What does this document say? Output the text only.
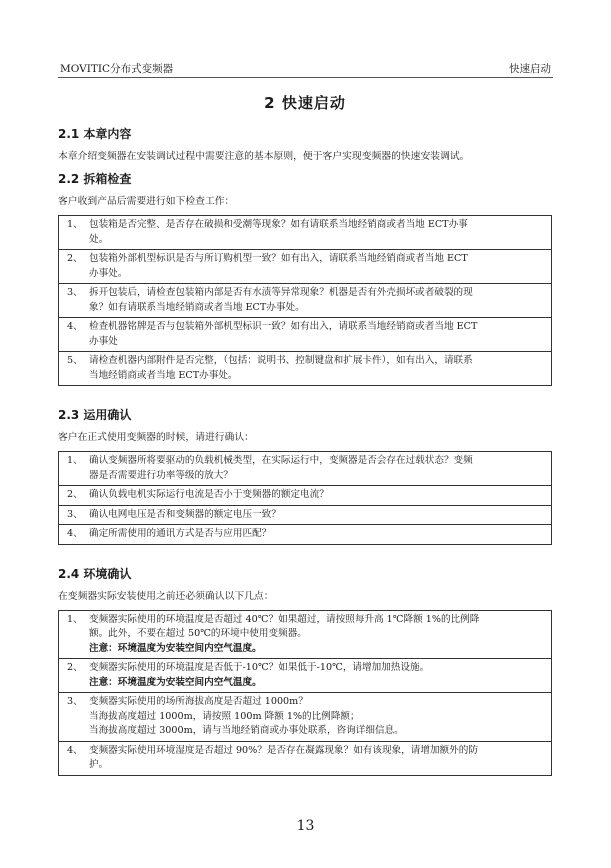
MOVITIC分布式变频器	快速启动
2 快速启动
2.1 本章内容
本章介绍变频器在安装调试过程中需要注意的基本原则，便于客户实现变频器的快速安装调试。
2.2 拆箱检查
客户收到产品后需要进行如下检查工作：
1、 包装箱是否完整、是否存在破损和受潮等现象？如有请联系当地经销商或者当地 ECT办事
处。
2、 包装箱外部机型标识是否与所订购机型一致？如有出入，请联系当地经销商或者当地 ECT
办事处。
3、 拆开包装后，请检查包装箱内部是否有水渍等异常现象？机器是否有外壳损坏或者破裂的现
象？如有请联系当地经销商或者当地 ECT办事处。
4、 检查机器铭牌是否与包装箱外部机型标识一致？如有出入，请联系当地经销商或者当地 ECT
办事处
5、 请检查机器内部附件是否完整，（包括：说明书、控制键盘和扩展卡件），如有出入，请联系
当地经销商或者当地 ECT办事处。
2.3 运用确认
客户在正式使用变频器的时候，请进行确认：
1、 确认变频器所将要驱动的负载机械类型，在实际运行中，变频器是否会存在过载状态？变频
器是否需要进行功率等级的放大？
2、 确认负载电机实际运行电流是否小于变频器的额定电流？
3、 确认电网电压是否和变频器的额定电压一致？
4、 确定所需使用的通讯方式是否与应用匹配？
2.4 环境确认
在变频器实际安装使用之前还必须确认以下几点：
1、 变频器实际使用的环境温度是否超过 40℃？如果超过，请按照每升高 1℃降额 1%的比例降
额。此外，不要在超过 50℃的环境中使用变频器。
注意：环境温度为安装空间内空气温度。
2、 变频器实际使用的环境温度是否低于-10℃？如果低于-10℃，请增加加热设施。
注意：环境温度为安装空间内空气温度。
3、 变频器实际使用的场所海拔高度是否超过 1000m？
当海拔高度超过 1000m，请按照 100m 降额 1%的比例降额；
当海拔高度超过 3000m，请与当地经销商或办事处联系，咨询详细信息。
4、 变频器实际使用环境湿度是否超过 90%？是否存在凝露现象？如有该现象，请增加额外的防
护。
13
